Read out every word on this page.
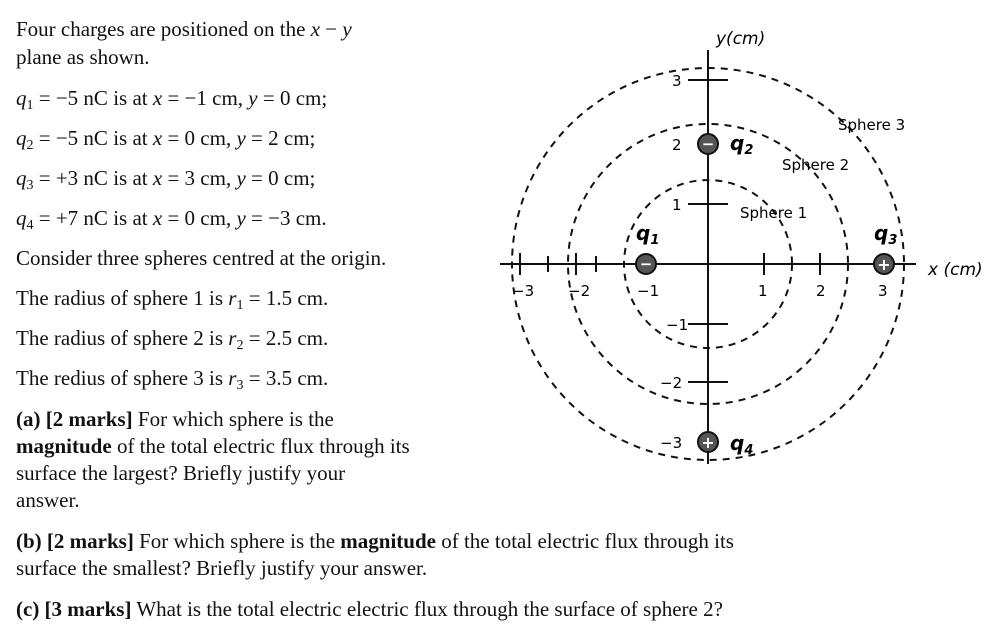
Four charges are positioned on the x − y
plane as shown.
$q_1 = -5$ nC is at x = −1 cm, y = 0 cm;
$q_2 = -5$ nC is at x = 0 cm, y = 2 cm;
$q_3 = +3$ nC is at x = 3 cm, y = 0 cm;
$q_4 = +7$ nC is at x = 0 cm, y = −3 cm.
Consider three spheres centred at the origin.
The radius of sphere 1 is $r_1 = 1.5$ cm.
The radius of sphere 2 is $r_2 = 2.5$ cm.
The redius of sphere 3 is $r_3 = 3.5$ cm.
(a) [2 marks] For which sphere is the
magnitude of the total electric flux through its
surface the largest? Briefly justify your
answer.
(b) [2 marks] For which sphere is the magnitude of the total electric flux through its
surface the smallest? Briefly justify your answer.
(c) [3 marks] What is the total electric electric flux through the surface of sphere 2?
−3 −2	−1	1	2	3
3
2
1
−1
−2
−3
y(cm)
x (cm)
Sphere 1
Sphere 2
Sphere 3
−
−
+
+
$q_1$
$q_2$
$q_3$
$q_4$
